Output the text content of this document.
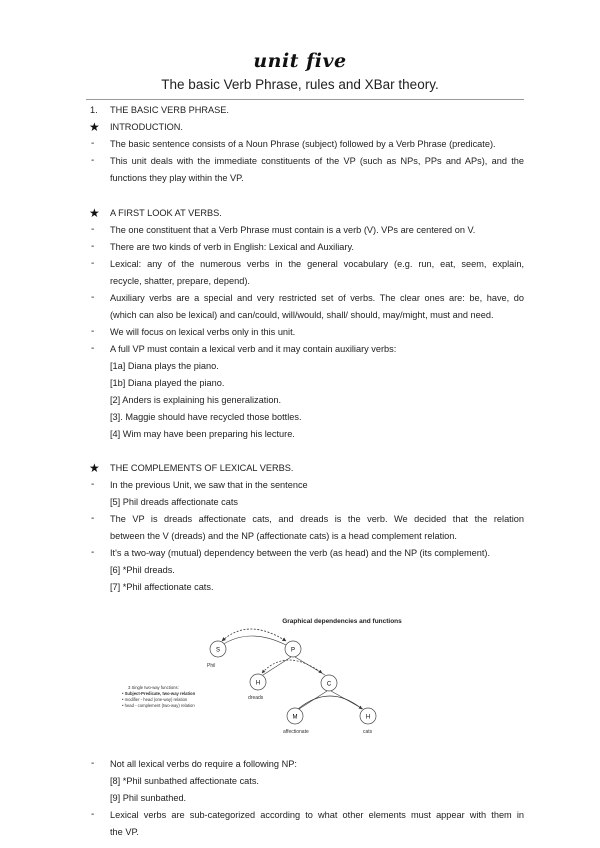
unit five
The basic Verb Phrase, rules and XBar theory.
1. THE BASIC VERB PHRASE.
★ INTRODUCTION.
- The basic sentence consists of a Noun Phrase (subject) followed by a Verb Phrase (predicate).
- This unit deals with the immediate constituents of the VP (such as NPs, PPs and APs), and the
functions they play within the VP.
★ A FIRST LOOK AT VERBS.
- The one constituent that a Verb Phrase must contain is a verb (V). VPs are centered on V.
- There are two kinds of verb in English: Lexical and Auxiliary.
- Lexical: any of the numerous verbs in the general vocabulary (e.g. run, eat, seem, explain,
recycle, shatter, prepare, depend).
- Auxiliary verbs are a special and very restricted set of verbs. The clear ones are: be, have, do
(which can also be lexical) and can/could, will/would, shall/ should, may/might, must and need.
- We will focus on lexical verbs only in this unit.
- A full VP must contain a lexical verb and it may contain auxiliary verbs:
[1a] Diana plays the piano.
[1b] Diana played the piano.
[2] Anders is explaining his generalization.
[3]. Maggie should have recycled those bottles.
[4] Wim may have been preparing his lecture.
★ THE COMPLEMENTS OF LEXICAL VERBS.
- In the previous Unit, we saw that in the sentence
[5] Phil dreads affectionate cats
- The VP is dreads affectionate cats, and dreads is the verb. We decided that the relation
between the V (dreads) and the NP (affectionate cats) is a head complement relation.
- It's a two-way (mutual) dependency between the verb (as head) and the NP (its complement).
[6] *Phil dreads.
[7] *Phil affectionate cats.
Graphical dependencies and functions
S	P
H	C
M	H
Phil
dreads
affectionate	cats
3 Single two-way functions:
• Subject-Predicate, two-way relation
• modifier - head (one-way) relation
• head - complement (two-way) relation
- Not all lexical verbs do require a following NP:
[8] *Phil sunbathed affectionate cats.
[9] Phil sunbathed.
- Lexical verbs are sub-categorized according to what other elements must appear with them in
the VP.
